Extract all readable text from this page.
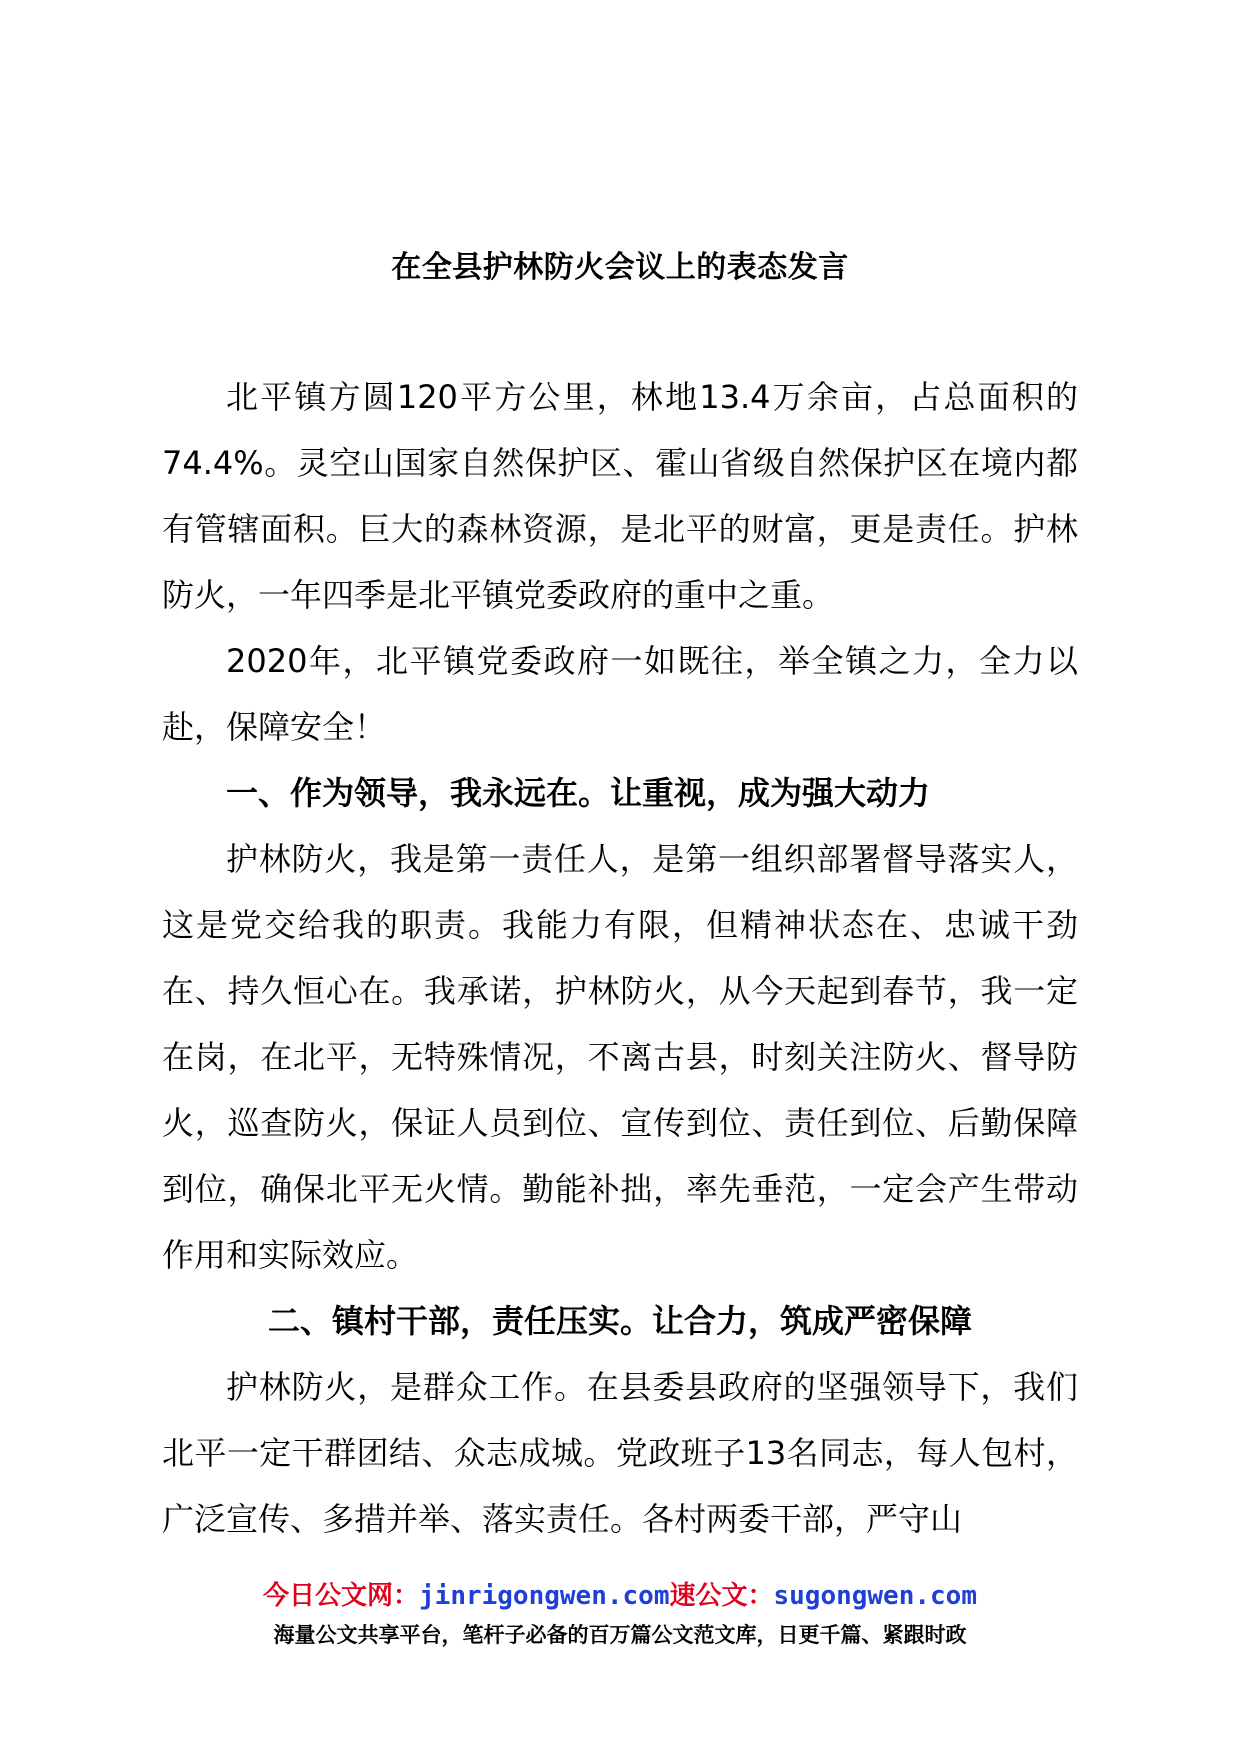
在全县护林防火会议上的表态发言

北平镇方圆120平方公里，林地13.4万余亩，占总面积的74.4%。灵空山国家自然保护区、霍山省级自然保护区在境内都有管辖面积。巨大的森林资源，是北平的财富，更是责任。护林防火，一年四季是北平镇党委政府的重中之重。

2020年，北平镇党委政府一如既往，举全镇之力，全力以赴，保障安全！

一、作为领导，我永远在。让重视，成为强大动力

护林防火，我是第一责任人，是第一组织部署督导落实人，这是党交给我的职责。我能力有限，但精神状态在、忠诚干劲在、持久恒心在。我承诺，护林防火，从今天起到春节，我一定在岗，在北平，无特殊情况，不离古县，时刻关注防火、督导防火，巡查防火，保证人员到位、宣传到位、责任到位、后勤保障到位，确保北平无火情。勤能补拙，率先垂范，一定会产生带动作用和实际效应。

二、镇村干部，责任压实。让合力，筑成严密保障

护林防火，是群众工作。在县委县政府的坚强领导下，我们北平一定干群团结、众志成城。党政班子13名同志，每人包村，广泛宣传、多措并举、落实责任。各村两委干部，严守山

今日公文网：jinrigongwen.com速公文：sugongwen.com
海量公文共享平台，笔杆子必备的百万篇公文范文库，日更千篇、紧跟时政
